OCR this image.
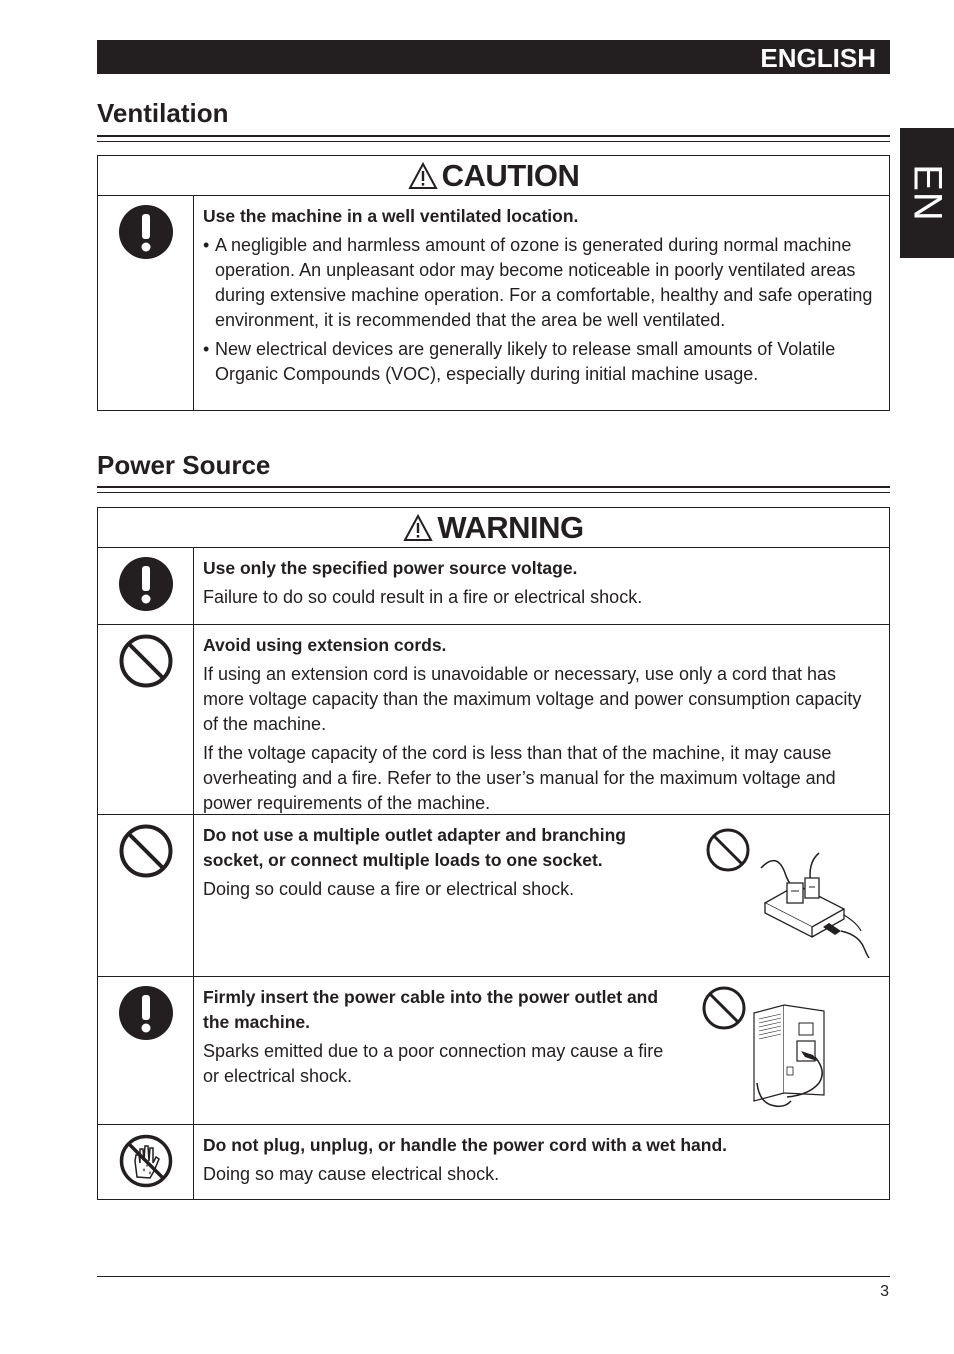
ENGLISH
EN
Ventilation
CAUTION
Use the machine in a well ventilated location.
• A negligible and harmless amount of ozone is generated during normal machine operation. An unpleasant odor may become noticeable in poorly ventilated areas during extensive machine operation. For a comfortable, healthy and safe operating environment, it is recommended that the area be well ventilated.
• New electrical devices are generally likely to release small amounts of Volatile Organic Compounds (VOC), especially during initial machine usage.
Power Source
WARNING
Use only the specified power source voltage.
Failure to do so could result in a fire or electrical shock.
Avoid using extension cords.
If using an extension cord is unavoidable or necessary, use only a cord that has more voltage capacity than the maximum voltage and power consumption capacity of the machine.
If the voltage capacity of the cord is less than that of the machine, it may cause overheating and a fire. Refer to the user’s manual for the maximum voltage and power requirements of the machine.
Do not use a multiple outlet adapter and branching socket, or connect multiple loads to one socket.
Doing so could cause a fire or electrical shock.
Firmly insert the power cable into the power outlet and the machine.
Sparks emitted due to a poor connection may cause a fire or electrical shock.
Do not plug, unplug, or handle the power cord with a wet hand.
Doing so may cause electrical shock.
3
